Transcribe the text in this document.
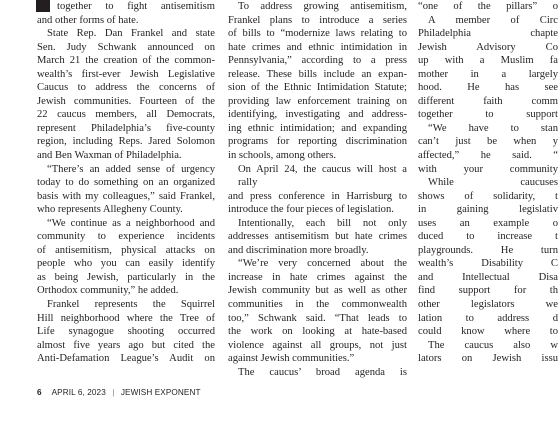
together to fight antisemitism
and other forms of hate.

State Rep. Dan Frankel and state
Sen. Judy Schwank announced on
March 21 the creation of the common-
wealth’s first-ever Jewish Legislative
Caucus to address the concerns of
Jewish communities. Fourteen of the
22 caucus members, all Democrats,
represent Philadelphia’s five-county
region, including Reps. Jared Solomon
and Ben Waxman of Philadelphia.

“There’s an added sense of urgency
today to do something on an organized
basis with my colleagues,” said Frankel,
who represents Allegheny County.

“We continue as a neighborhood and
community to experience incidents
of antisemitism, physical attacks on
people who you can easily identify
as being Jewish, particularly in the
Orthodox community,” he added.

Frankel represents the Squirrel
Hill neighborhood where the Tree of
Life synagogue shooting occurred
almost five years ago but cited the
Anti-Defamation League’s Audit on

To address growing antisemitism,
Frankel plans to introduce a series
of bills to “modernize laws relating to
hate crimes and ethnic intimidation in
Pennsylvania,” according to a press
release. These bills include an expan-
sion of the Ethnic Intimidation Statute;
providing law enforcement training on
identifying, investigating and address-
ing ethnic intimidation; and expanding
programs for reporting discrimination
in schools, among others.

On April 24, the caucus will host a rally
and press conference in Harrisburg to
introduce the four pieces of legislation.

Intentionally, each bill not only
addresses antisemitism but hate crimes
and discrimination more broadly.

“We’re very concerned about the
increase in hate crimes against the
Jewish community but as well as other
communities in the commonwealth
too,” Schwank said. “That leads to
the work on looking at hate-based
violence against all groups, not just
against Jewish communities.”

The caucus’ broad agenda is

“one of the pillars” o

A member of Circ
Philadelphia chapte
Jewish Advisory Co
up with a Muslim fa
mother in a largely
hood. He has see
different faith comm
together to support

“We have to stan
can’t just be when y
affected,” he said. “
with your community

While caucuses
shows of solidarity, t
in gaining legislativ
uses an example o
duced to increase t
playgrounds. He turn
wealth’s Disability C
and Intellectual Disa
find support for th
other legislators we
lation to address d
could know where to

The caucus also w
lators on Jewish issu

6 APRIL 6, 2023 | JEWISH EXPONENT
